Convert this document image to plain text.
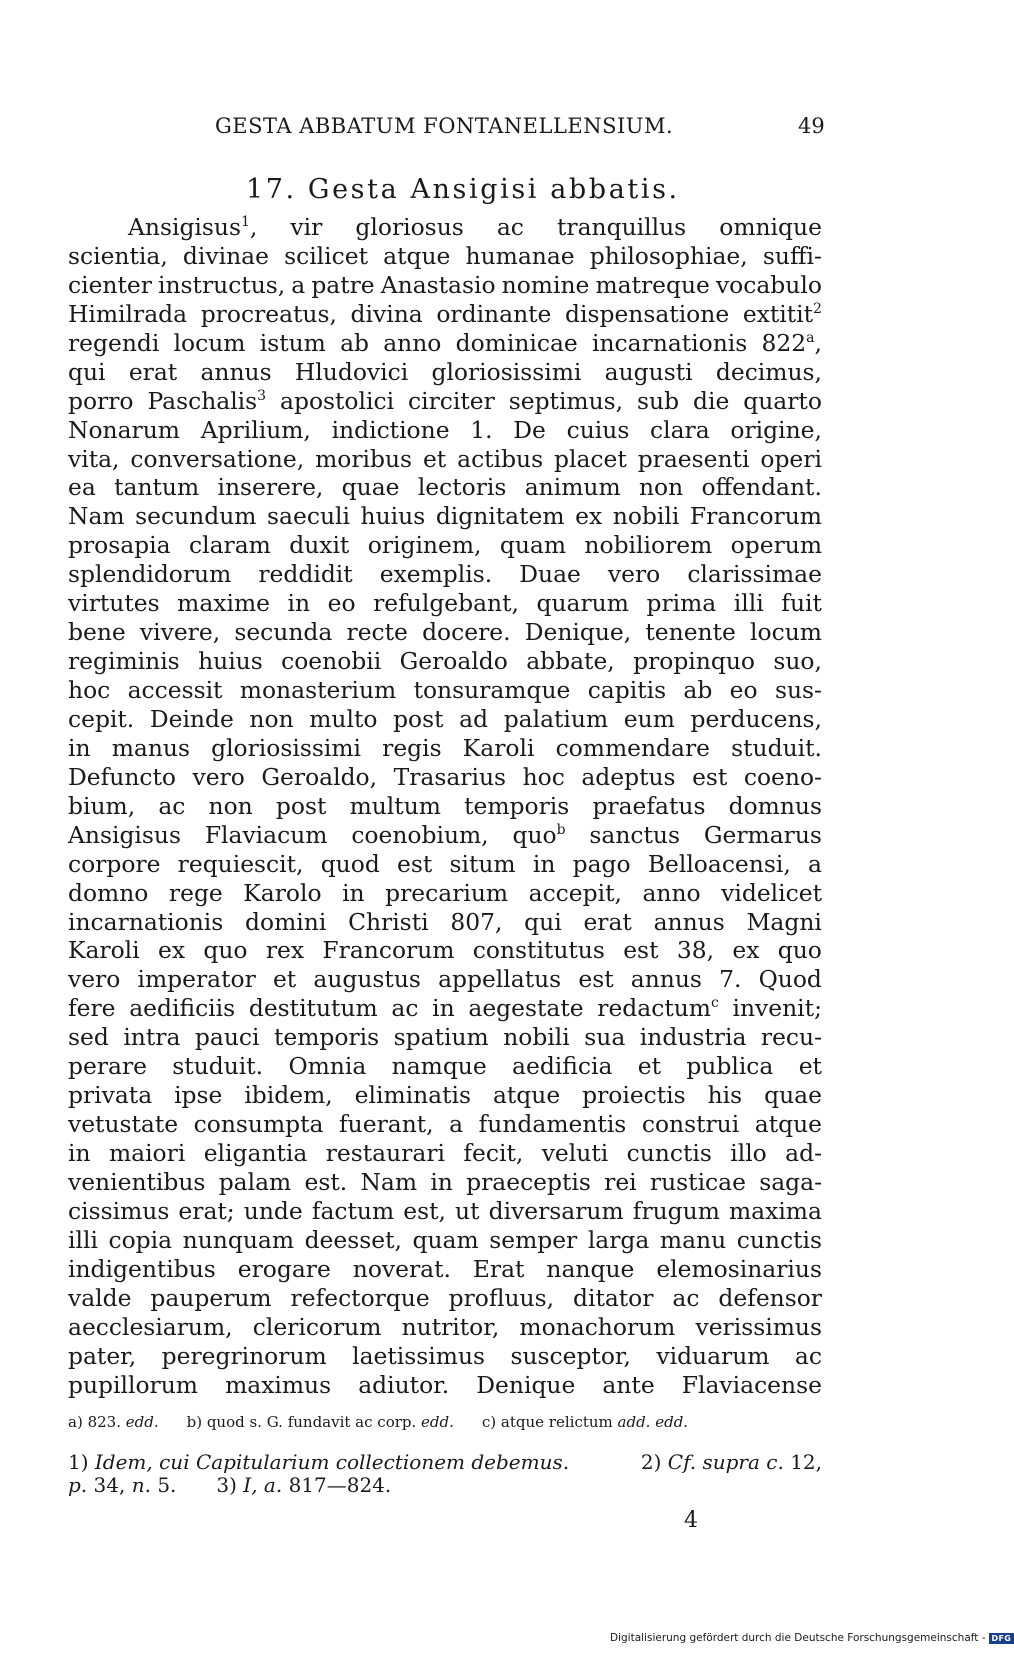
GESTA ABBATUM FONTANELLENSIUM.	49
17. Gesta Ansigisi abbatis.
Ansigisus$^1$, vir gloriosus ac tranquillus omnique
scientia, divinae scilicet atque humanae philosophiae, suffi-
cienter instructus, a patre Anastasio nomine matreque vocabulo
Himilrada procreatus, divina ordinante dispensatione extitit$^2$
regendi locum istum ab anno dominicae incarnationis 822$^a$,
qui erat annus Hludovici gloriosissimi augusti decimus,
porro Paschalis$^3$ apostolici circiter septimus, sub die quarto
Nonarum Aprilium, indictione 1. De cuius clara origine,
vita, conversatione, moribus et actibus placet praesenti operi
ea tantum inserere, quae lectoris animum non offendant.
Nam secundum saeculi huius dignitatem ex nobili Francorum
prosapia claram duxit originem, quam nobiliorem operum
splendidorum reddidit exemplis. Duae vero clarissimae
virtutes maxime in eo refulgebant, quarum prima illi fuit
bene vivere, secunda recte docere. Denique, tenente locum
regiminis huius coenobii Geroaldo abbate, propinquo suo,
hoc accessit monasterium tonsuramque capitis ab eo sus-
cepit. Deinde non multo post ad palatium eum perducens,
in manus gloriosissimi regis Karoli commendare studuit.
Defuncto vero Geroaldo, Trasarius hoc adeptus est coeno-
bium, ac non post multum temporis praefatus domnus
Ansigisus Flaviacum coenobium, quo$^b$ sanctus Germarus
corpore requiescit, quod est situm in pago Belloacensi, a
domno rege Karolo in precarium accepit, anno videlicet
incarnationis domini Christi 807, qui erat annus Magni
Karoli ex quo rex Francorum constitutus est 38, ex quo
vero imperator et augustus appellatus est annus 7. Quod
fere aedificiis destitutum ac in aegestate redactum$^c$ invenit;
sed intra pauci temporis spatium nobili sua industria recu-
perare studuit. Omnia namque aedificia et publica et
privata ipse ibidem, eliminatis atque proiectis his quae
vetustate consumpta fuerant, a fundamentis construi atque
in maiori eligantia restaurari fecit, veluti cunctis illo ad-
venientibus palam est. Nam in praeceptis rei rusticae saga-
cissimus erat; unde factum est, ut diversarum frugum maxima
illi copia nunquam deesset, quam semper larga manu cunctis
indigentibus erogare noverat. Erat nanque elemosinarius
valde pauperum refectorque profluus, ditator ac defensor
aecclesiarum, clericorum nutritor, monachorum verissimus
pater, peregrinorum laetissimus susceptor, viduarum ac
pupillorum maximus adiutor. Denique ante Flaviacense
a) 823. edd. b) quod s. G. fundavit ac corp. edd. c) atque relictum add. edd.
1) Idem, cui Capitularium collectionem debemus.	2) Cf. supra c. 12,
p. 34, n. 5. 3) I, a. 817—824.
4
Digitalisierung gefördert durch die Deutsche Forschungsgemeinschaft - DFG
